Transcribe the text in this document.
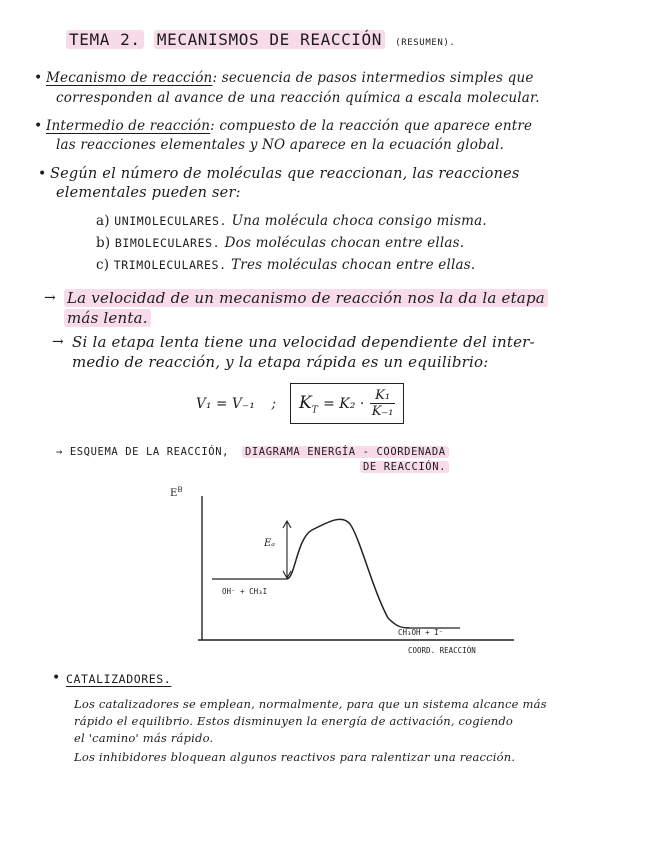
TEMA 2. MECANISMOS DE REACCIÓN (RESUMEN).
• Mecanismo de reacción: secuencia de pasos intermedios simples que
corresponden al avance de una reacción química a escala molecular.
• Intermedio de reacción: compuesto de la reacción que aparece entre
las reacciones elementales y NO aparece en la ecuación global.
• Según el número de moléculas que reaccionan, las reacciones
elementales pueden ser:
a) UNIMOLECULARES. Una molécula choca consigo misma.
b) BIMOLECULARES. Dos moléculas chocan entre ellas.
c) TRIMOLECULARES. Tres moléculas chocan entre ellas.
→ La velocidad de un mecanismo de reacción nos la da la etapa
más lenta.
→ Si la etapa lenta tiene una velocidad dependiente del inter-
medio de reacción, y la etapa rápida es un equilibrio:
V₁ = V₋₁ ;	$K_T = K_2 \cdot \frac{\text{K₁}}{\text{K₋₁}}$
→ ESQUEMA DE LA REACCIÓN, DIAGRAMA ENERGÍA - COORDENADA
DE REACCIÓN.
$E^B$
Eₐ
OH⁻ + CH₃I
CH₃OH + I⁻
COORD. REACCIÓN
• CATALIZADORES.
Los catalizadores se emplean, normalmente, para que un sistema alcance más
rápido el equilibrio. Estos disminuyen la energía de activación, cogiendo
el 'camino' más rápido.
Los inhibidores bloquean algunos reactivos para ralentizar una reacción.
